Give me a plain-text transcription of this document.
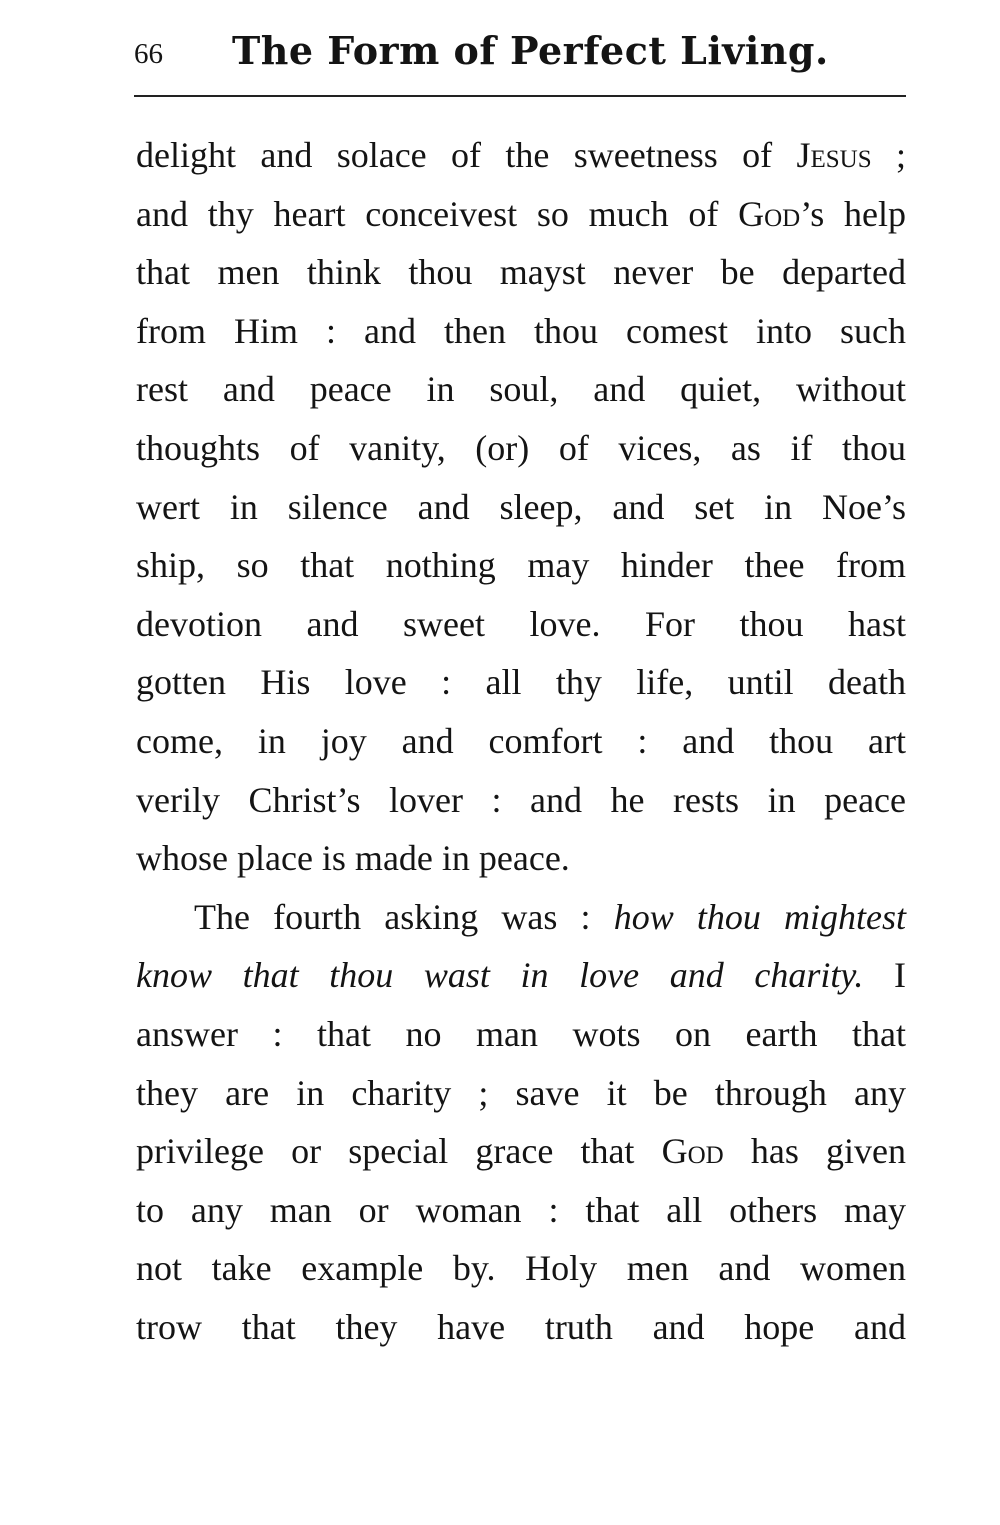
66 The Form of Perfect Living.
delight and solace of the sweetness of Jesus ;
and thy heart conceivest so much of God’s help
that men think thou mayst never be departed
from Him : and then thou comest into such
rest and peace in soul, and quiet, without
thoughts of vanity, (or) of vices, as if thou
wert in silence and sleep, and set in Noe’s
ship, so that nothing may hinder thee from
devotion and sweet love. For thou hast
gotten His love : all thy life, until death
come, in joy and comfort : and thou art
verily Christ’s lover : and he rests in peace
whose place is made in peace.
The fourth asking was : how thou mightest
know that thou wast in love and charity. I
answer : that no man wots on earth that
they are in charity ; save it be through any
privilege or special grace that God has given
to any man or woman : that all others may
not take example by. Holy men and women
trow that they have truth and hope and
